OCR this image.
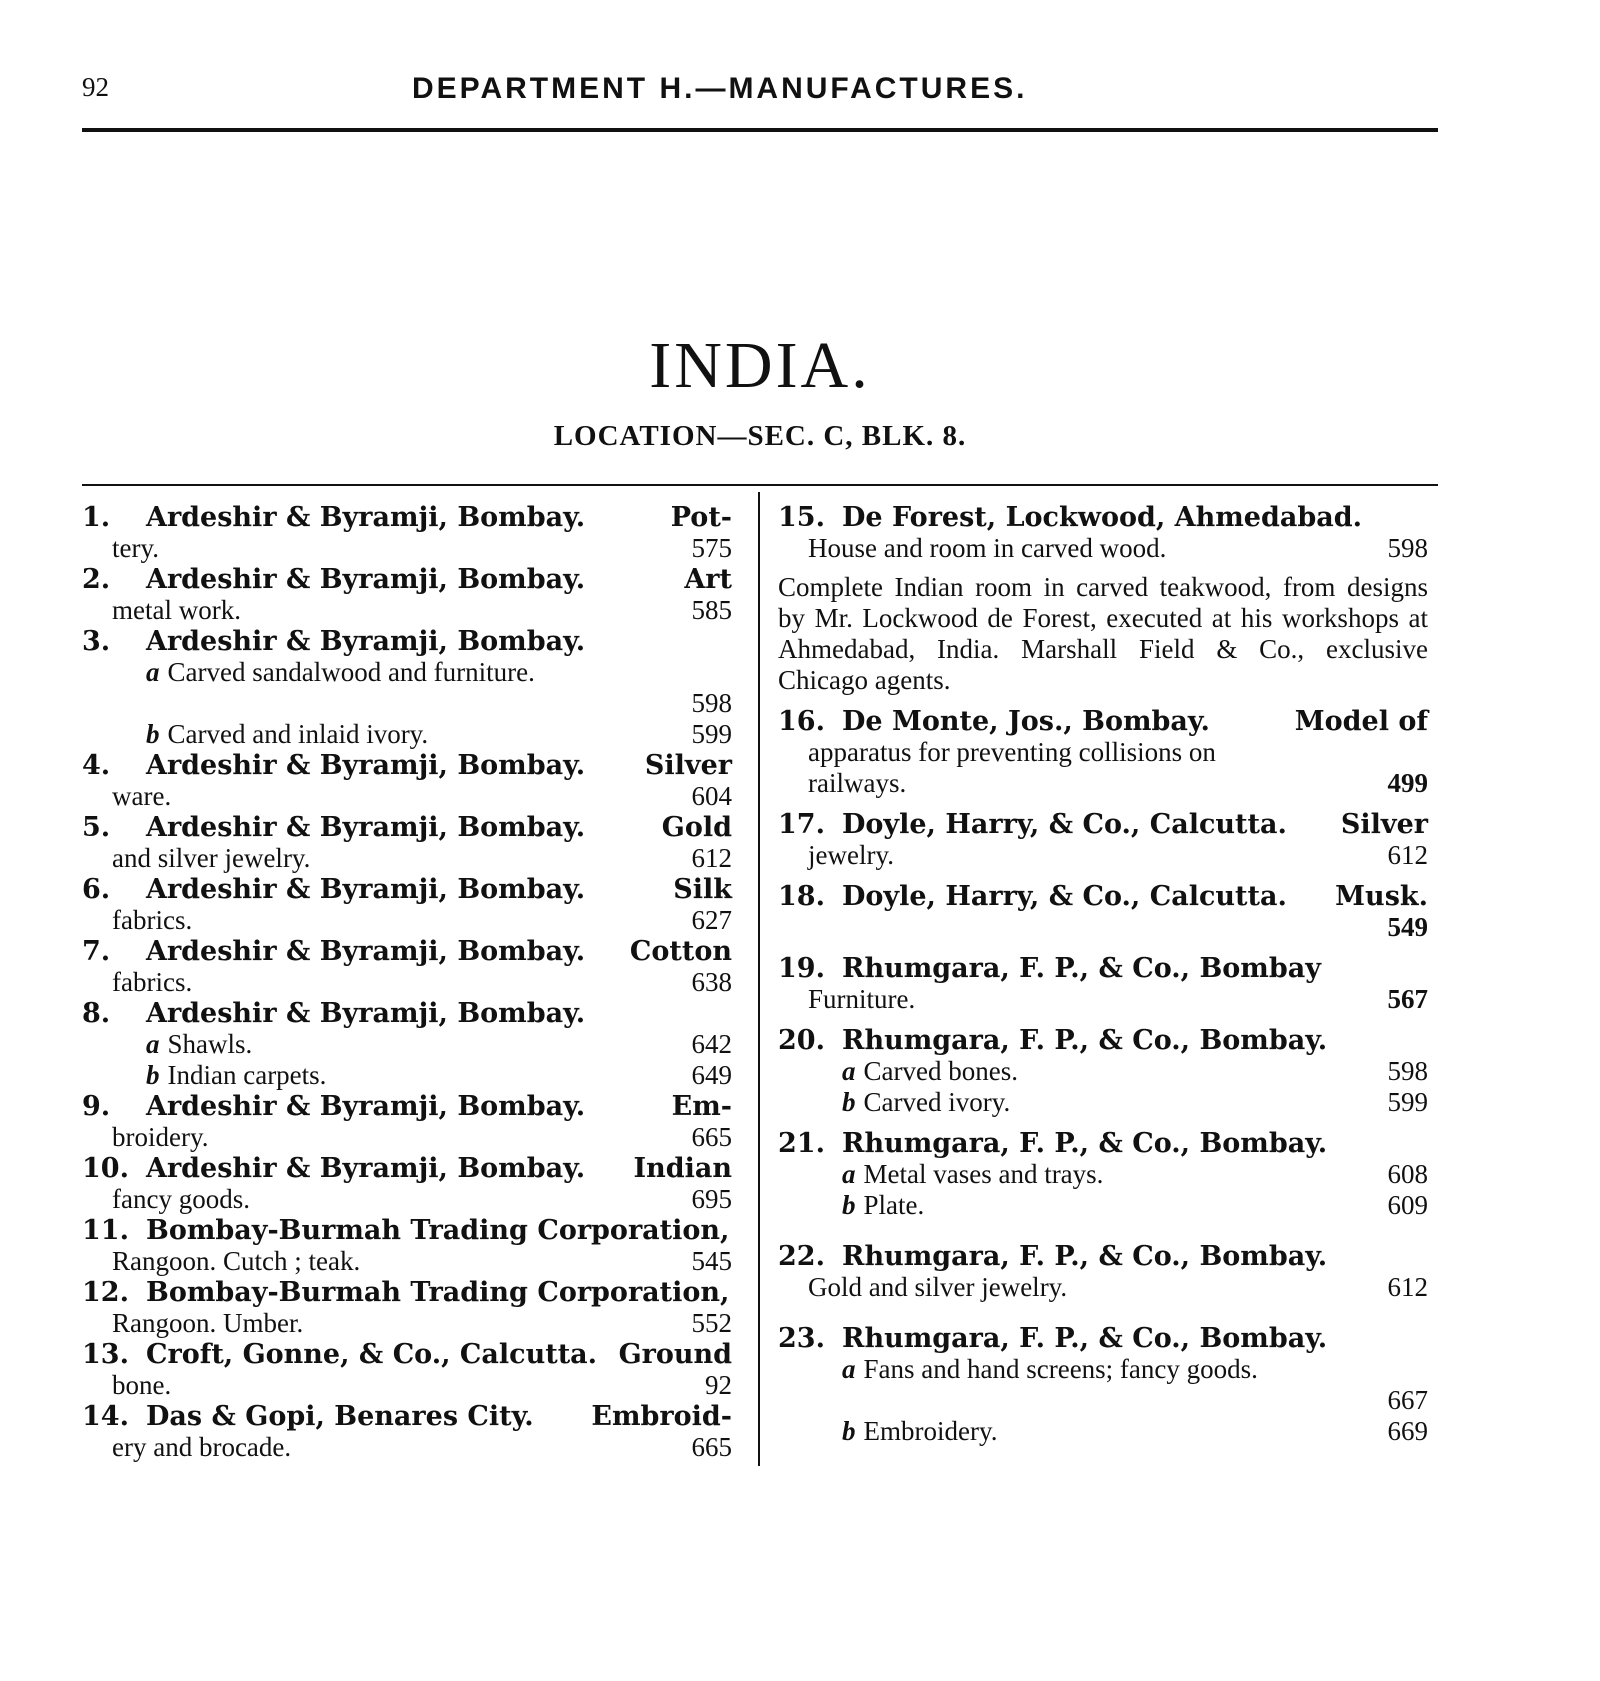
92	DEPARTMENT H.—MANUFACTURES.
INDIA.
LOCATION—SEC. C, BLK. 8.
1.	Ardeshir & Byramji, Bombay.	Pot-
tery.	575
2.	Ardeshir & Byramji, Bombay.	Art
metal work.	585
3.	Ardeshir & Byramji, Bombay.
a Carved sandalwood and furniture.
598
b Carved and inlaid ivory.	599
4.	Ardeshir & Byramji, Bombay. Silver
ware.	604
5.	Ardeshir & Byramji, Bombay.	Gold
and silver jewelry.	612
6.	Ardeshir & Byramji, Bombay.	Silk
fabrics.	627
7.	Ardeshir & Byramji, Bombay. Cotton
fabrics.	638
8.	Ardeshir & Byramji, Bombay.
a Shawls.	642
b Indian carpets.	649
9.	Ardeshir & Byramji, Bombay.	Em-
broidery.	665
10. Ardeshir & Byramji, Bombay. Indian
fancy goods.	695
11. Bombay-Burmah Trading Corporation,
Rangoon. Cutch ; teak.	545
12. Bombay-Burmah Trading Corporation,
Rangoon. Umber.	552
13. Croft, Gonne, & Co., Calcutta. Ground
bone.	92
14. Das & Gopi, Benares City. Embroid-
ery and brocade.	665
15. De Forest, Lockwood, Ahmedabad.
House and room in carved wood.	598
Complete Indian room in carved teakwood, from designs by Mr. Lockwood de Forest, executed at his workshops at Ahmedabad, India. Marshall Field & Co., exclusive Chicago agents.
16. De Monte, Jos., Bombay.	Model of
apparatus for preventing collisions on
railways.	499
17. Doyle, Harry, & Co., Calcutta. Silver
jewelry.	612
18. Doyle, Harry, & Co., Calcutta. Musk.
549
19. Rhumgara, F. P., & Co., Bombay
Furniture.	567
20. Rhumgara, F. P., & Co., Bombay.
a Carved bones.	598
b Carved ivory.	599
21. Rhumgara, F. P., & Co., Bombay.
a Metal vases and trays.	608
b Plate.	609
22. Rhumgara, F. P., & Co., Bombay.
Gold and silver jewelry.	612
23. Rhumgara, F. P., & Co., Bombay.
a Fans and hand screens; fancy goods.
667
b Embroidery.	669
